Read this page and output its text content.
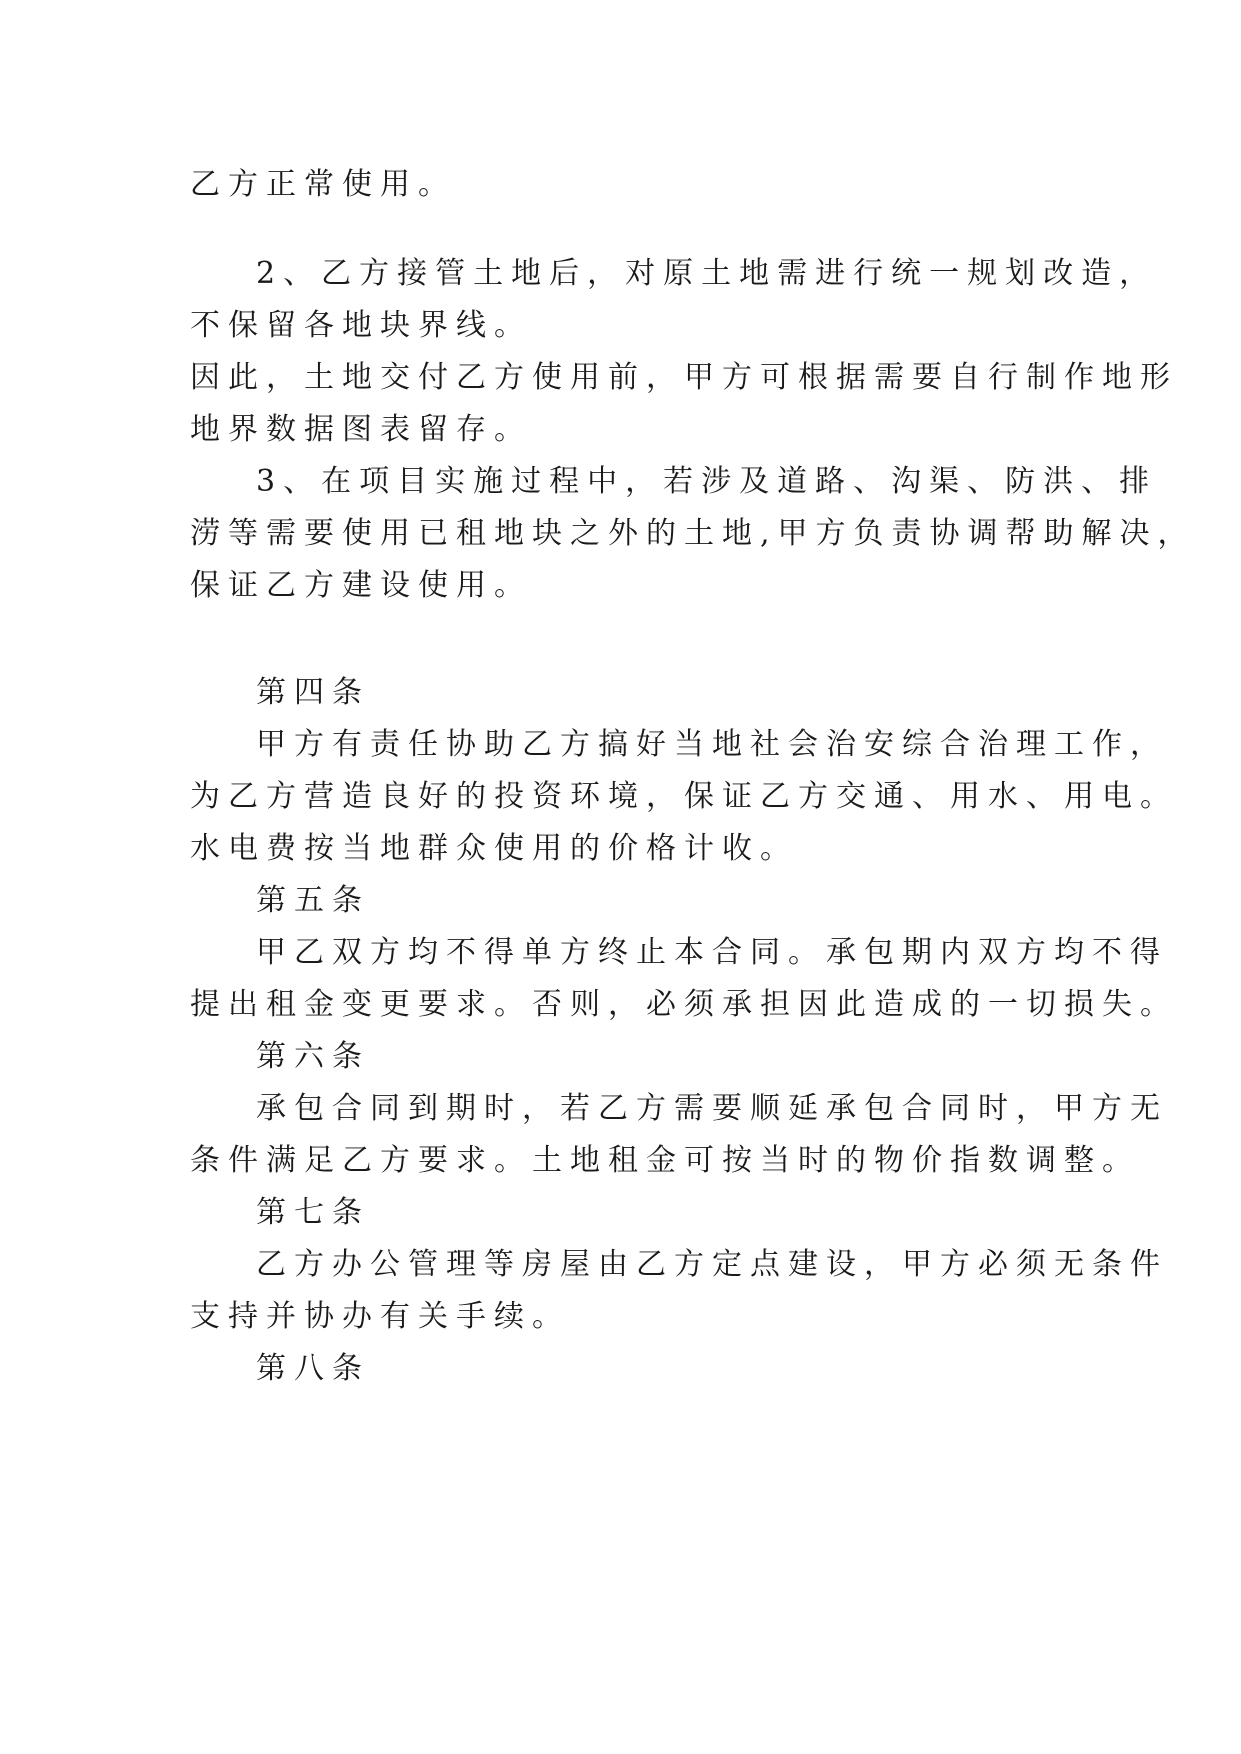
乙方正常使用。

2、乙方接管土地后，对原土地需进行统一规划改造，

不保留各地块界线。

因此，土地交付乙方使用前，甲方可根据需要自行制作地形

地界数据图表留存。

3、在项目实施过程中，若涉及道路、沟渠、防洪、排

涝等需要使用已租地块之外的土地,甲方负责协调帮助解决，

保证乙方建设使用。

第四条

甲方有责任协助乙方搞好当地社会治安综合治理工作，

为乙方营造良好的投资环境，保证乙方交通、用水、用电。

水电费按当地群众使用的价格计收。

第五条

甲乙双方均不得单方终止本合同。承包期内双方均不得

提出租金变更要求。否则，必须承担因此造成的一切损失。

第六条

承包合同到期时，若乙方需要顺延承包合同时，甲方无

条件满足乙方要求。土地租金可按当时的物价指数调整。

第七条

乙方办公管理等房屋由乙方定点建设，甲方必须无条件

支持并协办有关手续。

第八条
